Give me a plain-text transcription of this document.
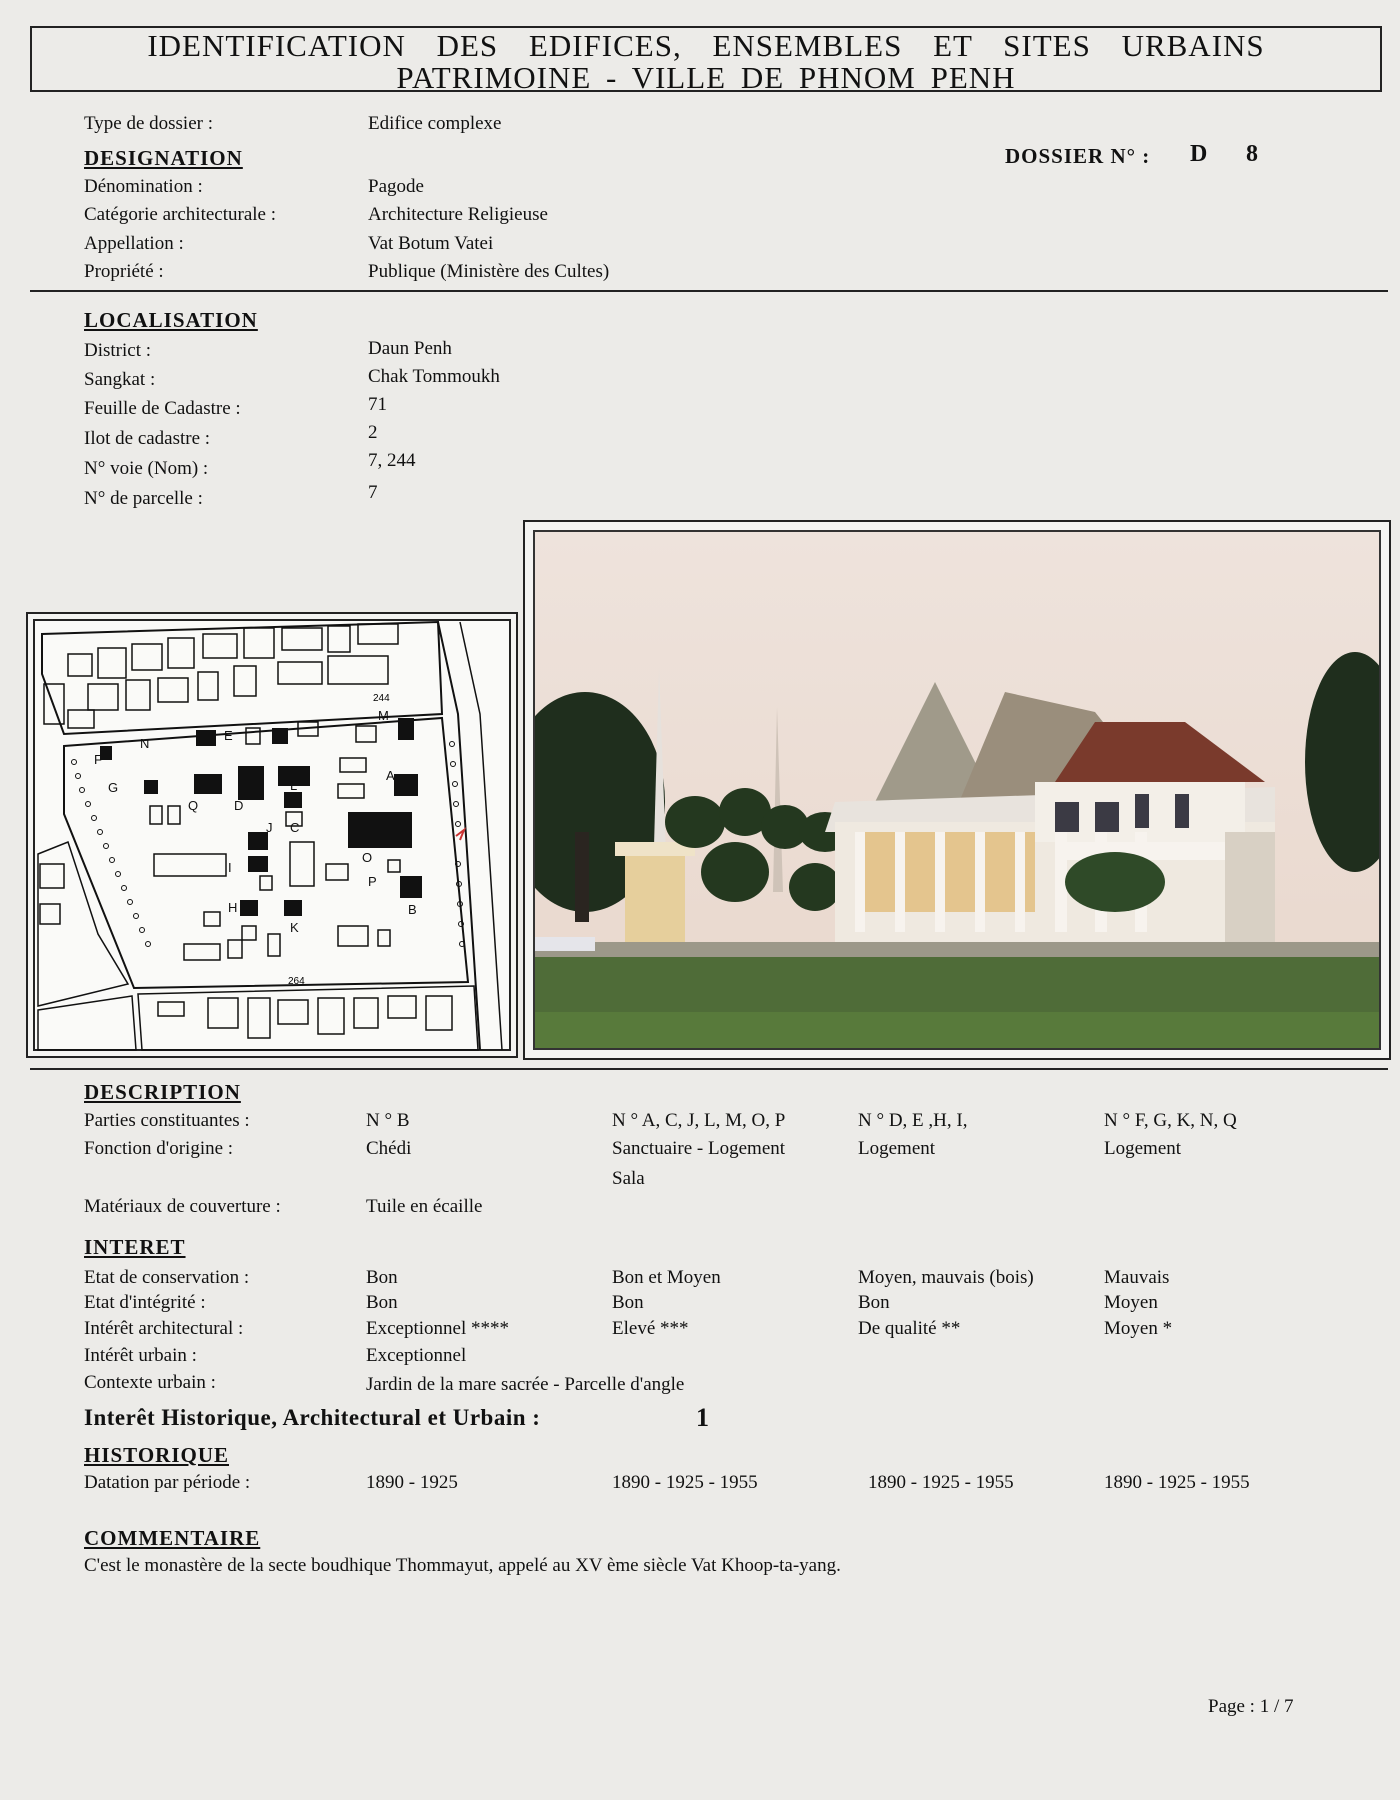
IDENTIFICATION DES EDIFICES, ENSEMBLES ET SITES URBAINS
PATRIMOINE - VILLE DE PHNOM PENH
Type de dossier :	Edifice complexe
DOSSIER N° : D 8
DESIGNATION
Dénomination :	Pagode
Catégorie architecturale :	Architecture Religieuse
Appellation :	Vat Botum Vatei
Propriété :	Publique (Ministère des Cultes)
LOCALISATION
District :	Daun Penh
Sangkat :	Chak Tommoukh
Feuille de Cadastre :	71
Ilot de cadastre :	2
N° voie (Nom) :	7, 244
N° de parcelle :	7
244
264
N
E
M
F
G
Q	D
L
A
J C
I
P
H
K
B
O
DESCRIPTION
Parties constituantes :	N ° B	N ° A, C, J, L, M, O, P	N ° D, E ,H, I,	N ° F, G, K, N, Q
Fonction d'origine :	Chédi	Sanctuaire - Logement	Logement	Logement
Sala
Matériaux de couverture :	Tuile en écaille
INTERET
Etat de conservation :	Bon	Bon et Moyen	Moyen, mauvais (bois)	Mauvais
Etat d'intégrité :	Bon	Bon	Bon	Moyen
Intérêt architectural :	Exceptionnel ****	Elevé ***	De qualité **	Moyen *
Intérêt urbain :	Exceptionnel
Contexte urbain :	Jardin de la mare sacrée - Parcelle d'angle
Interêt Historique, Architectural et Urbain :	1
HISTORIQUE
Datation par période :	1890 - 1925	1890 - 1925 - 1955	1890 - 1925 - 1955	1890 - 1925 - 1955
COMMENTAIRE
C'est le monastère de la secte boudhique Thommayut, appelé au XV ème siècle Vat Khoop-ta-yang.
Page : 1 / 7
